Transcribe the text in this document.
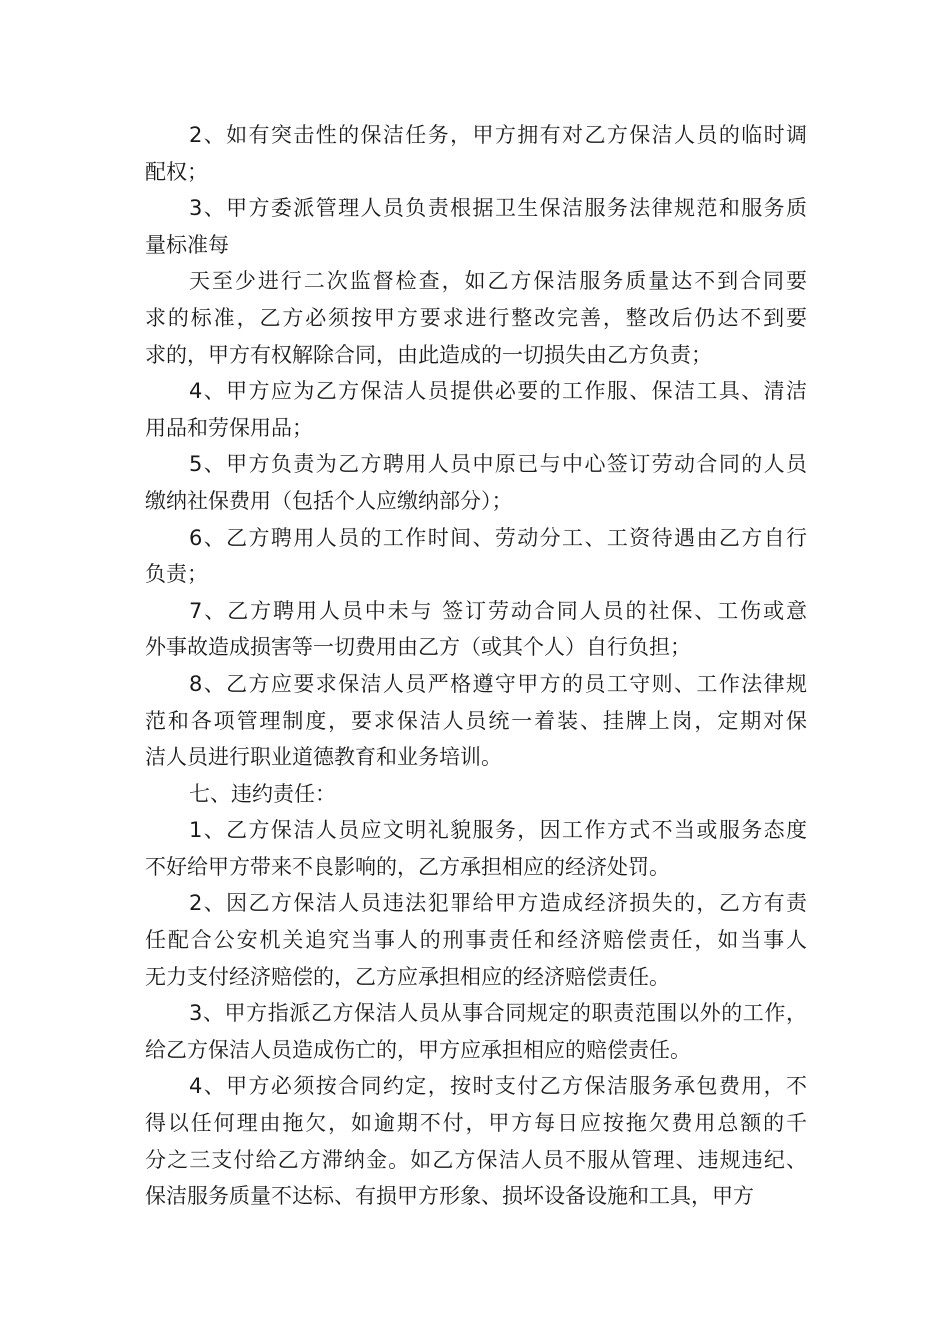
2、如有突击性的保洁任务，甲方拥有对乙方保洁人员的临时调
配权；
3、甲方委派管理人员负责根据卫生保洁服务法律规范和服务质
量标准每
天至少进行二次监督检查，如乙方保洁服务质量达不到合同要
求的标准，乙方必须按甲方要求进行整改完善，整改后仍达不到要
求的，甲方有权解除合同，由此造成的一切损失由乙方负责；
4、甲方应为乙方保洁人员提供必要的工作服、保洁工具、清洁
用品和劳保用品；
5、甲方负责为乙方聘用人员中原已与中心签订劳动合同的人员
缴纳社保费用（包括个人应缴纳部分）；
6、乙方聘用人员的工作时间、劳动分工、工资待遇由乙方自行
负责；
7、乙方聘用人员中未与 签订劳动合同人员的社保、工伤或意
外事故造成损害等一切费用由乙方（或其个人）自行负担；
8、乙方应要求保洁人员严格遵守甲方的员工守则、工作法律规
范和各项管理制度，要求保洁人员统一着装、挂牌上岗，定期对保
洁人员进行职业道德教育和业务培训。
七、违约责任：
1、乙方保洁人员应文明礼貌服务，因工作方式不当或服务态度
不好给甲方带来不良影响的，乙方承担相应的经济处罚。
2、因乙方保洁人员违法犯罪给甲方造成经济损失的，乙方有责
任配合公安机关追究当事人的刑事责任和经济赔偿责任，如当事人
无力支付经济赔偿的，乙方应承担相应的经济赔偿责任。
3、甲方指派乙方保洁人员从事合同规定的职责范围以外的工作，
给乙方保洁人员造成伤亡的，甲方应承担相应的赔偿责任。
4、甲方必须按合同约定，按时支付乙方保洁服务承包费用，不
得以任何理由拖欠，如逾期不付，甲方每日应按拖欠费用总额的千
分之三支付给乙方滞纳金。如乙方保洁人员不服从管理、违规违纪、
保洁服务质量不达标、有损甲方形象、损坏设备设施和工具，甲方
